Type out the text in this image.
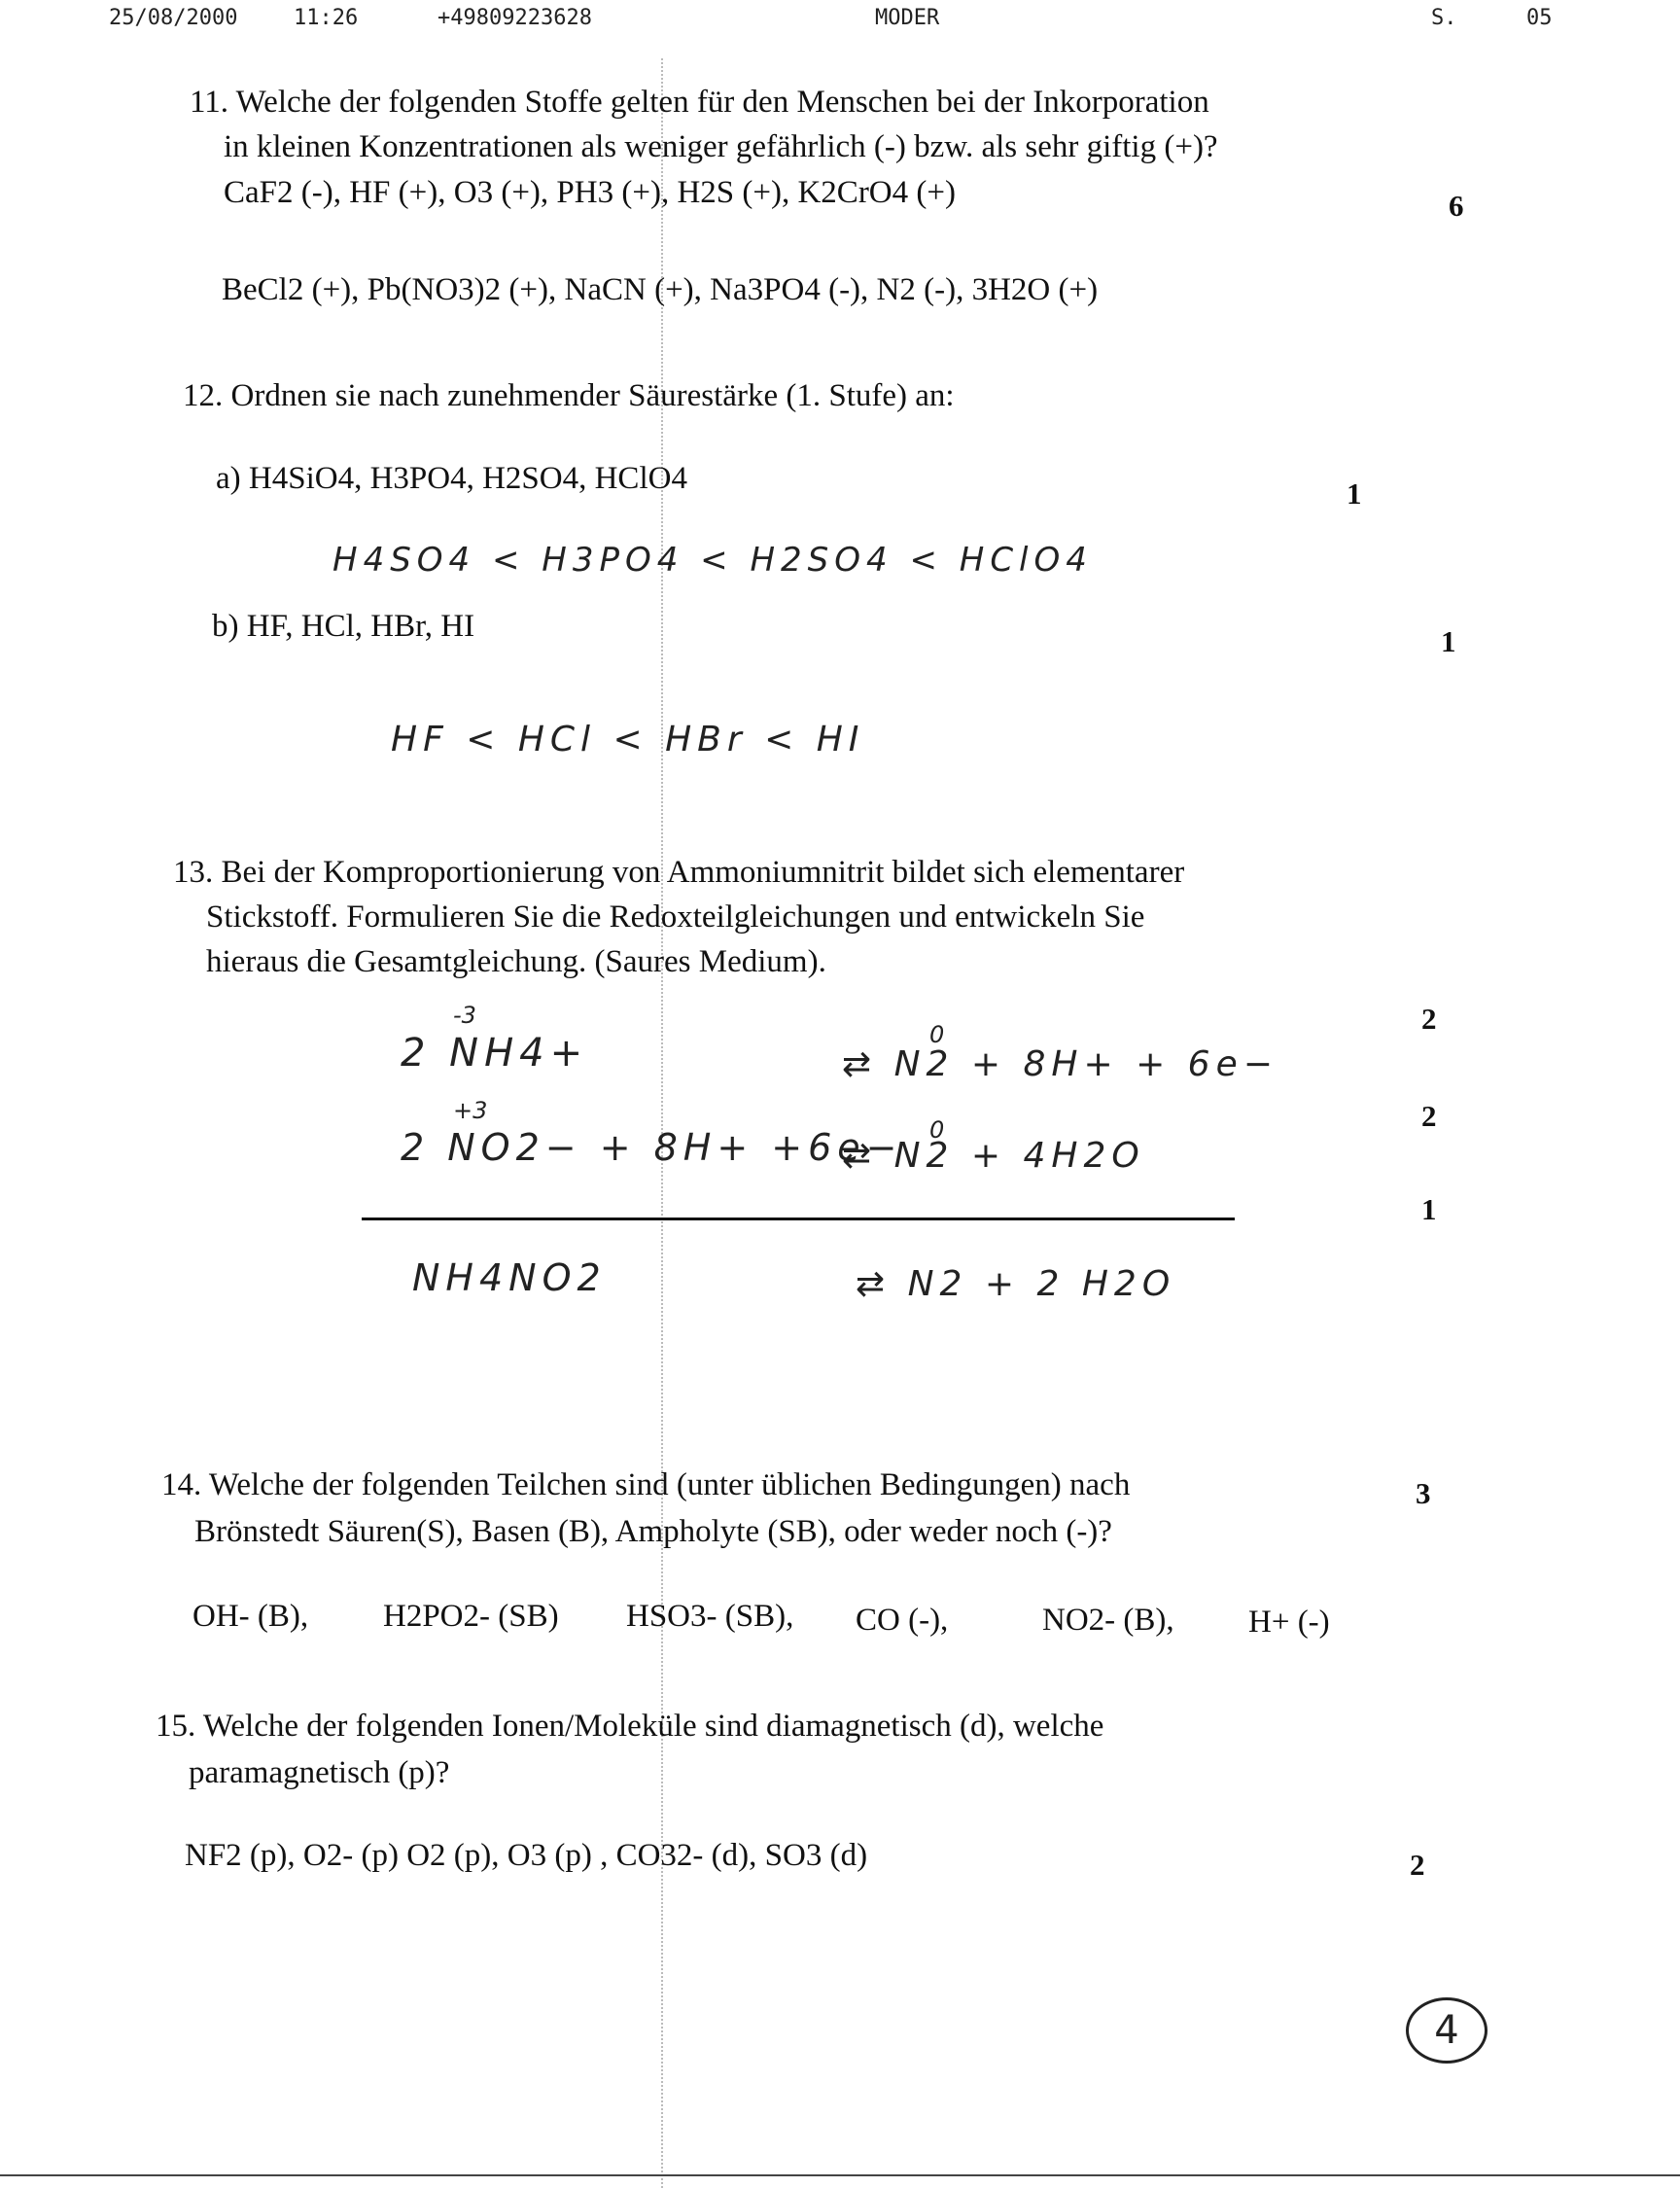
25/08/2000	11:26	+49809223628	MODER	S.	05
11. Welche der folgenden Stoffe gelten für den Menschen bei der Inkorporation
in kleinen Konzentrationen als weniger gefährlich (-) bzw. als sehr giftig (+)?
CaF2 (-), HF (+), O3 (+), PH3 (+), H2S (+), K2CrO4 (+)	6
BeCl2 (+), Pb(NO3)2 (+), NaCN (+), Na3PO4 (-), N2 (-), 3H2O (+)
12. Ordnen sie nach zunehmender Säurestärke (1. Stufe) an:
a) H4SiO4, H3PO4, H2SO4, HClO4	1
H4SO4 < H3PO4 < H2SO4 < HClO4
b) HF, HCl, HBr, HI	1
HF < HCl < HBr < HI
13. Bei der Komproportionierung von Ammoniumnitrit bildet sich elementarer
Stickstoff. Formulieren Sie die Redoxteilgleichungen und entwickeln Sie
hieraus die Gesamtgleichung. (Saures Medium).
-3
2 NH4+	0
⇄ N2 + 8H+ + 6e−
2
+3
2 NO2− + 8H+ +6e− 0
⇄ N2 + 4H2O
2
1
NH4NO2	⇄ N2 + 2 H2O
14. Welche der folgenden Teilchen sind (unter üblichen Bedingungen) nach
Brönstedt Säuren(S), Basen (B), Ampholyte (SB), oder weder noch (-)?
3
OH- (B), H2PO2- (SB) HSO3- (SB), CO (-),	NO2- (B), H+ (-)
15. Welche der folgenden Ionen/Moleküle sind diamagnetisch (d), welche
paramagnetisch (p)?
NF2 (p), O2- (p) O2 (p), O3 (p) , CO32- (d), SO3 (d)	2
4
